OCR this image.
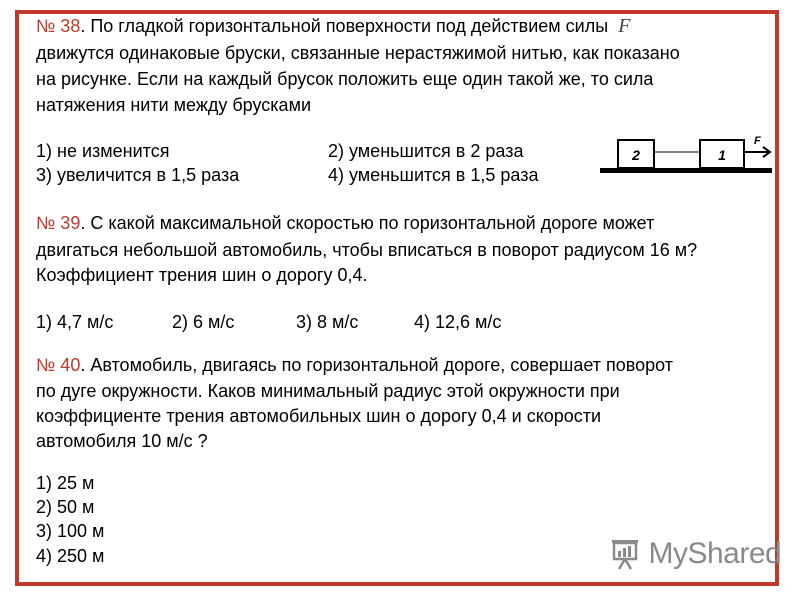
№ 38. По гладкой горизонтальной поверхности под действием силы F
движутся одинаковые бруски, связанные нерастяжимой нитью, как показано
на рисунке. Если на каждый брусок положить еще один такой же, то сила
натяжения нити между брусками
1) не изменится	2) уменьшится в 2 раза
3) увеличится в 1,5 раза	4) уменьшится в 1,5 раза
2	1
F
№ 39. С какой максимальной скоростью по горизонтальной дороге может
двигаться небольшой автомобиль, чтобы вписаться в поворот радиусом 16 м?
Коэффициент трения шин о дорогу 0,4.
1) 4,7 м/с	2) 6 м/с	3) 8 м/с	4) 12,6 м/с
№ 40. Автомобиль, двигаясь по горизонтальной дороге, совершает поворот
по дуге окружности. Каков минимальный радиус этой окружности при
коэффициенте трения автомобильных шин о дорогу 0,4 и скорости
автомобиля 10 м/с ?
1) 25 м
2) 50 м
3) 100 м
4) 250 м	MyShared
